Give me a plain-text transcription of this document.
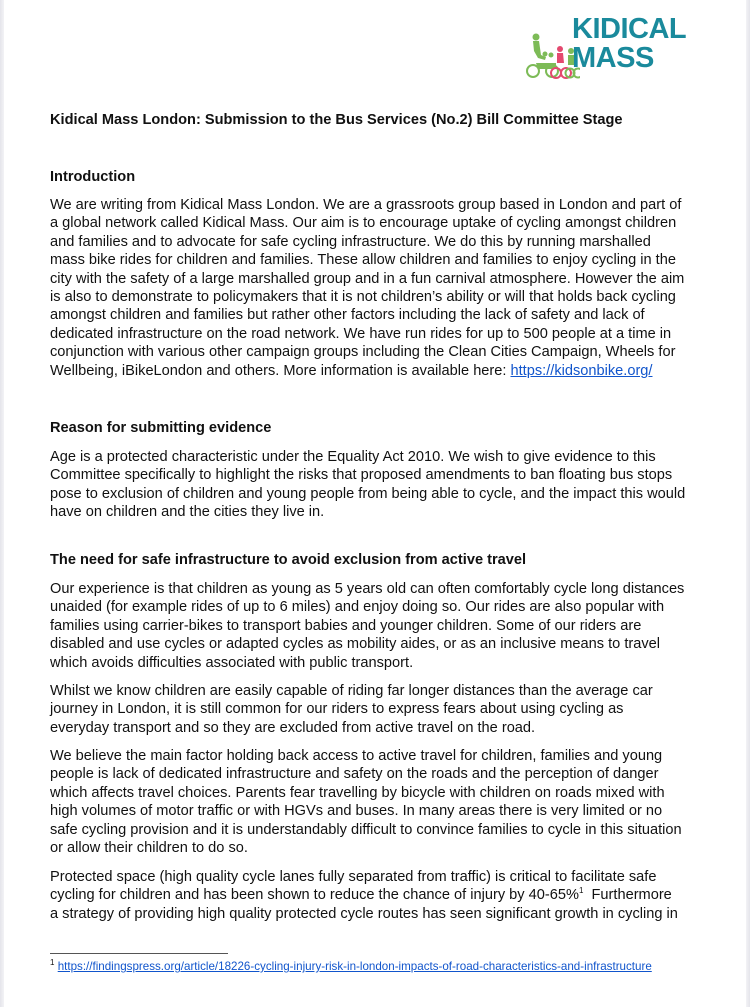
KIDICAL
MASS
Kidical Mass London: Submission to the Bus Services (No.2) Bill Committee Stage
Introduction
We are writing from Kidical Mass London. We are a grassroots group based in London and part of
a global network called Kidical Mass. Our aim is to encourage uptake of cycling amongst children
and families and to advocate for safe cycling infrastructure. We do this by running marshalled
mass bike rides for children and families. These allow children and families to enjoy cycling in the
city with the safety of a large marshalled group and in a fun carnival atmosphere. However the aim
is also to demonstrate to policymakers that it is not children’s ability or will that holds back cycling
amongst children and families but rather other factors including the lack of safety and lack of
dedicated infrastructure on the road network. We have run rides for up to 500 people at a time in
conjunction with various other campaign groups including the Clean Cities Campaign, Wheels for
Wellbeing, iBikeLondon and others. More information is available here: https://kidsonbike.org/
Reason for submitting evidence
Age is a protected characteristic under the Equality Act 2010. We wish to give evidence to this
Committee specifically to highlight the risks that proposed amendments to ban floating bus stops
pose to exclusion of children and young people from being able to cycle, and the impact this would
have on children and the cities they live in.
The need for safe infrastructure to avoid exclusion from active travel
Our experience is that children as young as 5 years old can often comfortably cycle long distances
unaided (for example rides of up to 6 miles) and enjoy doing so. Our rides are also popular with
families using carrier-bikes to transport babies and younger children. Some of our riders are
disabled and use cycles or adapted cycles as mobility aides, or as an inclusive means to travel
which avoids difficulties associated with public transport.
Whilst we know children are easily capable of riding far longer distances than the average car
journey in London, it is still common for our riders to express fears about using cycling as
everyday transport and so they are excluded from active travel on the road.
We believe the main factor holding back access to active travel for children, families and young
people is lack of dedicated infrastructure and safety on the roads and the perception of danger
which affects travel choices. Parents fear travelling by bicycle with children on roads mixed with
high volumes of motor traffic or with HGVs and buses. In many areas there is very limited or no
safe cycling provision and it is understandably difficult to convince families to cycle in this situation
or allow their children to do so.
Protected space (high quality cycle lanes fully separated from traffic) is critical to facilitate safe
cycling for children and has been shown to reduce the chance of injury by 40-65%$^1$  Furthermore
a strategy of providing high quality protected cycle routes has seen significant growth in cycling in
$^1$ https://findingspress.org/article/18226-cycling-injury-risk-in-london-impacts-of-road-characteristics-and-infrastructure
